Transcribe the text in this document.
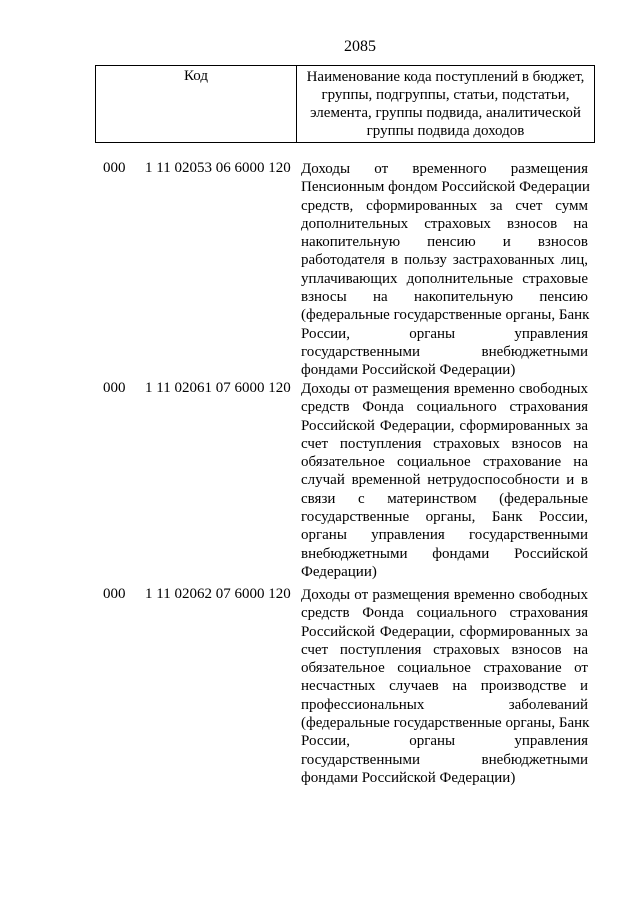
2085
Код	Наименование кода поступлений в бюджет,
группы, подгруппы, статьи, подстатьи,
элемента, группы подвида, аналитической
группы подвида доходов
000 1 11 02053 06 6000 120 Доходы от временного размещения
Пенсионным фондом Российской Федерации
средств, сформированных за счет сумм
дополнительных страховых взносов на
накопительную пенсию и взносов
работодателя в пользу застрахованных лиц,
уплачивающих дополнительные страховые
взносы на накопительную пенсию
(федеральные государственные органы, Банк
России, органы управления
государственными внебюджетными
фондами Российской Федерации)
000 1 11 02061 07 6000 120 Доходы от размещения временно свободных
средств Фонда социального страхования
Российской Федерации, сформированных за
счет поступления страховых взносов на
обязательное социальное страхование на
случай временной нетрудоспособности и в
связи с материнством (федеральные
государственные органы, Банк России,
органы управления государственными
внебюджетными фондами Российской
Федерации)
000 1 11 02062 07 6000 120 Доходы от размещения временно свободных
средств Фонда социального страхования
Российской Федерации, сформированных за
счет поступления страховых взносов на
обязательное социальное страхование от
несчастных случаев на производстве и
профессиональных заболеваний
(федеральные государственные органы, Банк
России, органы управления
государственными внебюджетными
фондами Российской Федерации)
